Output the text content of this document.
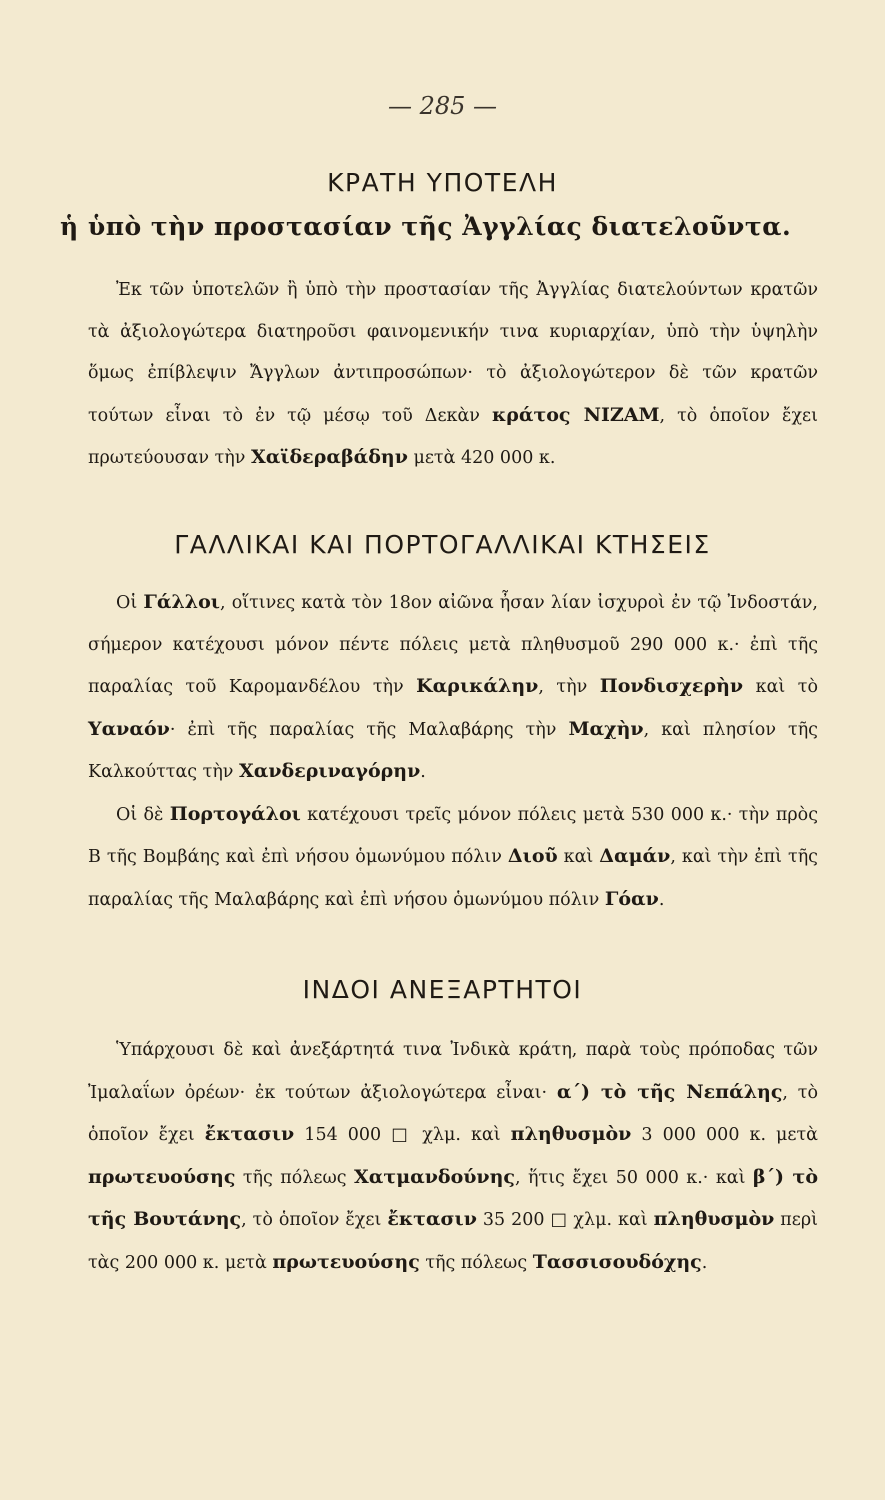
— 285 —
ΚΡΑΤΗ ΥΠΟΤΕΛΗ
ἡ ὑπὸ τὴν προστασίαν τῆς Ἀγγλίας διατελοῦντα.

Ἐκ τῶν ὑποτελῶν ἢ ὑπὸ τὴν προστασίαν τῆς Ἀγγλίας διατελούντων κρατῶν τὰ ἀξιολογώτερα διατηροῦσι φαινομενικήν τινα κυριαρχίαν, ὑπὸ τὴν ὑψηλὴν ὅμως ἐπίβλεψιν Ἄγγλων ἀντιπροσώπων· τὸ ἀξιολογώτερον δὲ τῶν κρατῶν τούτων εἶναι τὸ ἐν τῷ μέσῳ τοῦ Δεκὰν κράτος ΝΙΖΑΜ, τὸ ὁποῖον ἔχει πρωτεύουσαν τὴν Χαϊδεραβάδην μετὰ 420 000 κ.

ΓΑΛΛΙΚΑΙ ΚΑΙ ΠΟΡΤΟΓΑΛΛΙΚΑΙ ΚΤΗΣΕΙΣ

Οἱ Γάλλοι, οἵτινες κατὰ τὸν 18ον αἰῶνα ἦσαν λίαν ἰσχυροὶ ἐν τῷ Ἰνδοστάν, σήμερον κατέχουσι μόνον πέντε πόλεις μετὰ πληθυσμοῦ 290 000 κ.· ἐπὶ τῆς παραλίας τοῦ Καρομανδέλου τὴν Καρικάλην, τὴν Πονδισχερὴν καὶ τὸ Υαναόν· ἐπὶ τῆς παραλίας τῆς Μαλαβάρης τὴν Μαχὴν, καὶ πλησίον τῆς Καλκούττας τὴν Χανδεριναγόρην.

Οἱ δὲ Πορτογάλοι κατέχουσι τρεῖς μόνον πόλεις μετὰ 530 000 κ.· τὴν πρὸς Β τῆς Βομβάης καὶ ἐπὶ νήσου ὁμωνύμου πόλιν Διοῦ καὶ Δαμάν, καὶ τὴν ἐπὶ τῆς παραλίας τῆς Μαλαβάρης καὶ ἐπὶ νήσου ὁμωνύμου πόλιν Γόαν.

ΙΝΔΟΙ ΑΝΕΞΑΡΤΗΤΟΙ

Ὑπάρχουσι δὲ καὶ ἀνεξάρτητά τινα Ἰνδικὰ κράτη, παρὰ τοὺς πρόποδας τῶν Ἰμαλαΐων ὀρέων· ἐκ τούτων ἀξιολογώτερα εἶναι· α΄) τὸ τῆς Νεπάλης, τὸ ὁποῖον ἔχει ἔκτασιν 154 000 □ χλμ. καὶ πληθυσμὸν 3 000 000 κ. μετὰ πρωτευούσης τῆς πόλεως Χατμανδούνης, ἥτις ἔχει 50 000 κ.· καὶ β΄) τὸ τῆς Βουτάνης, τὸ ὁποῖον ἔχει ἔκτασιν 35 200 □ χλμ. καὶ πληθυσμὸν περὶ τὰς 200 000 κ. μετὰ πρωτευούσης τῆς πόλεως Τασσισουδόχης.
